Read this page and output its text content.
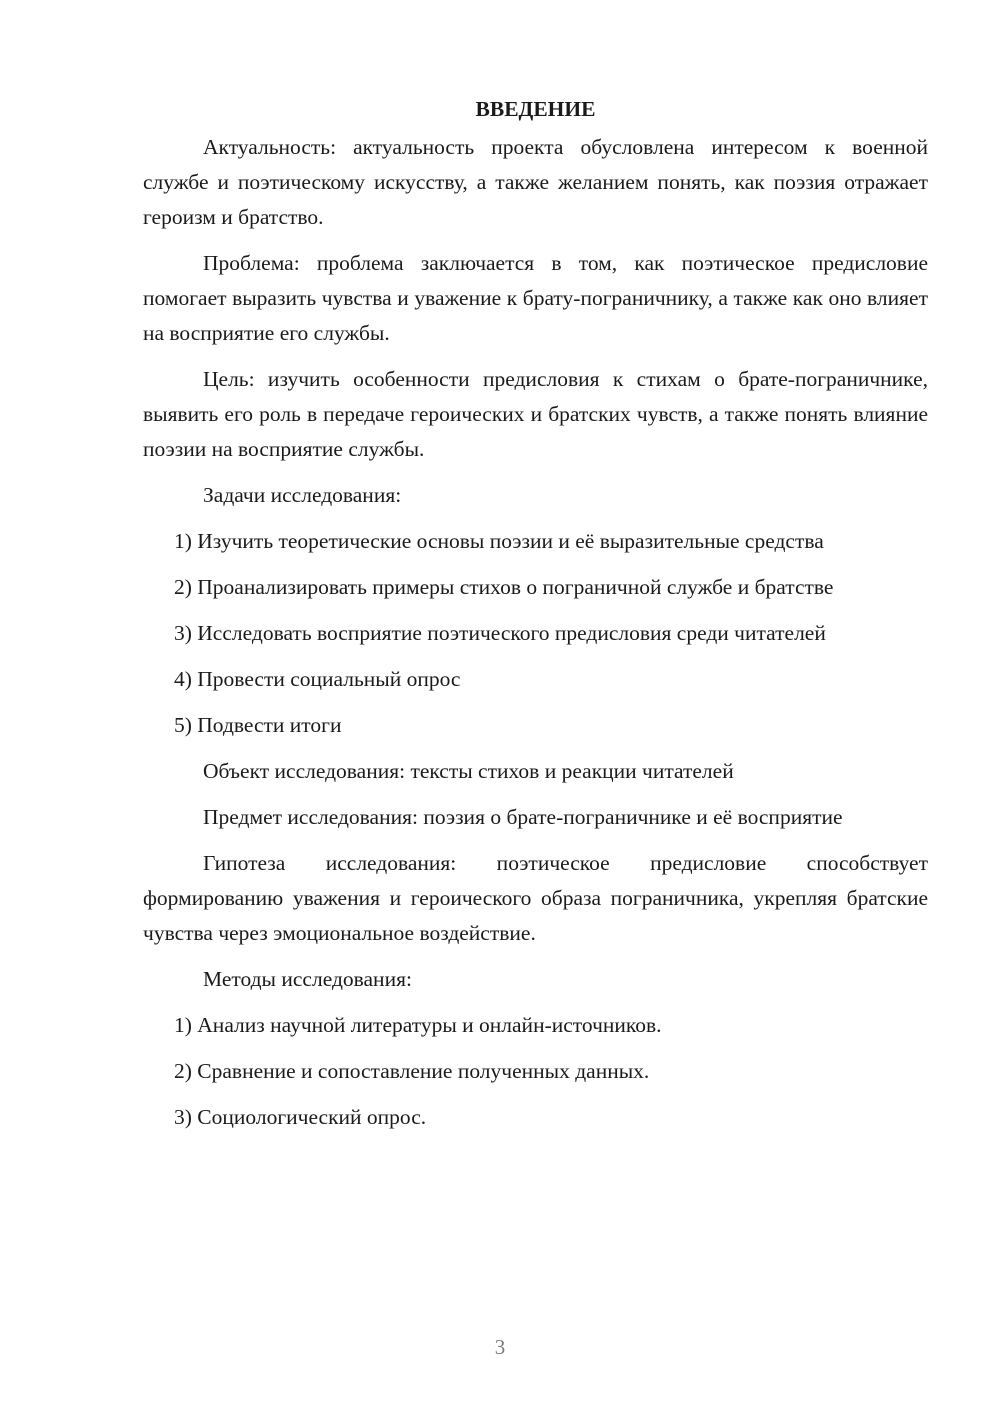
ВВЕДЕНИЕ

Актуальность: актуальность проекта обусловлена интересом к военной службе и поэтическому искусству, а также желанием понять, как поэзия отражает героизм и братство.

Проблема: проблема заключается в том, как поэтическое предисловие помогает выразить чувства и уважение к брату-пограничнику, а также как оно влияет на восприятие его службы.

Цель: изучить особенности предисловия к стихам о брате-пограничнике, выявить его роль в передаче героических и братских чувств, а также понять влияние поэзии на восприятие службы.

Задачи исследования:

1) Изучить теоретические основы поэзии и её выразительные средства

2) Проанализировать примеры стихов о пограничной службе и братстве

3) Исследовать восприятие поэтического предисловия среди читателей

4) Провести социальный опрос

5) Подвести итоги

Объект исследования: тексты стихов и реакции читателей

Предмет исследования: поэзия о брате-пограничнике и её восприятие

Гипотеза исследования: поэтическое предисловие способствует формированию уважения и героического образа пограничника, укрепляя братские чувства через эмоциональное воздействие.

Методы исследования:

1) Анализ научной литературы и онлайн-источников.

2) Сравнение и сопоставление полученных данных.

3) Социологический опрос.

3
